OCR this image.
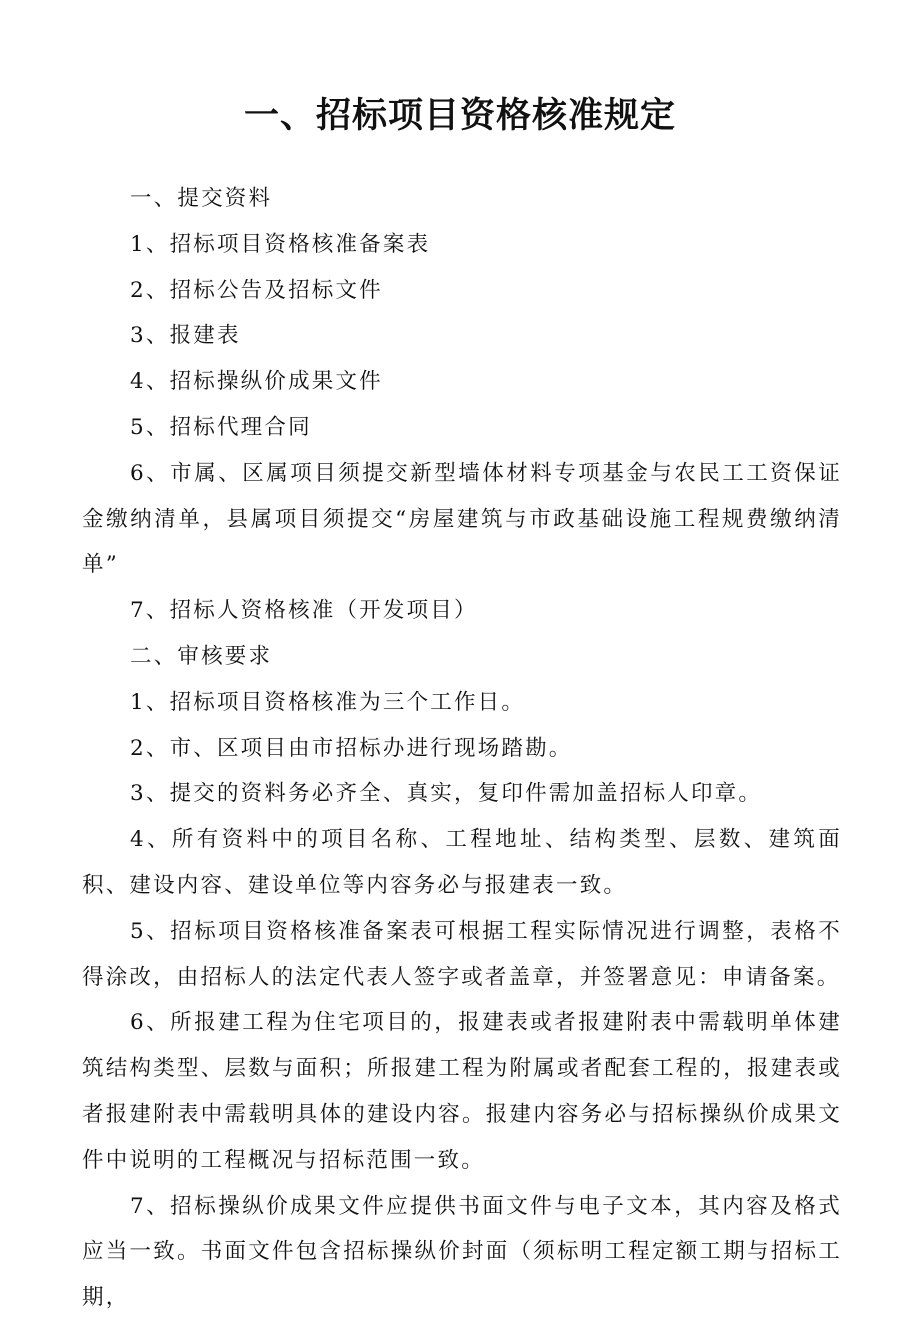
一、招标项目资格核准规定

一、提交资料

1、招标项目资格核准备案表

2、招标公告及招标文件

3、报建表

4、招标操纵价成果文件

5、招标代理合同

6、市属、区属项目须提交新型墙体材料专项基金与农民工工资保证金缴纳清单，县属项目须提交“房屋建筑与市政基础设施工程规费缴纳清单”

7、招标人资格核准（开发项目）

二、审核要求

1、招标项目资格核准为三个工作日。

2、市、区项目由市招标办进行现场踏勘。

3、提交的资料务必齐全、真实，复印件需加盖招标人印章。

4、所有资料中的项目名称、工程地址、结构类型、层数、建筑面积、建设内容、建设单位等内容务必与报建表一致。

5、招标项目资格核准备案表可根据工程实际情况进行调整，表格不得涂改，由招标人的法定代表人签字或者盖章，并签署意见：申请备案。

6、所报建工程为住宅项目的，报建表或者报建附表中需载明单体建筑结构类型、层数与面积；所报建工程为附属或者配套工程的，报建表或者报建附表中需载明具体的建设内容。报建内容务必与招标操纵价成果文件中说明的工程概况与招标范围一致。

7、招标操纵价成果文件应提供书面文件与电子文本，其内容及格式应当一致。书面文件包含招标操纵价封面（须标明工程定额工期与招标工期，
